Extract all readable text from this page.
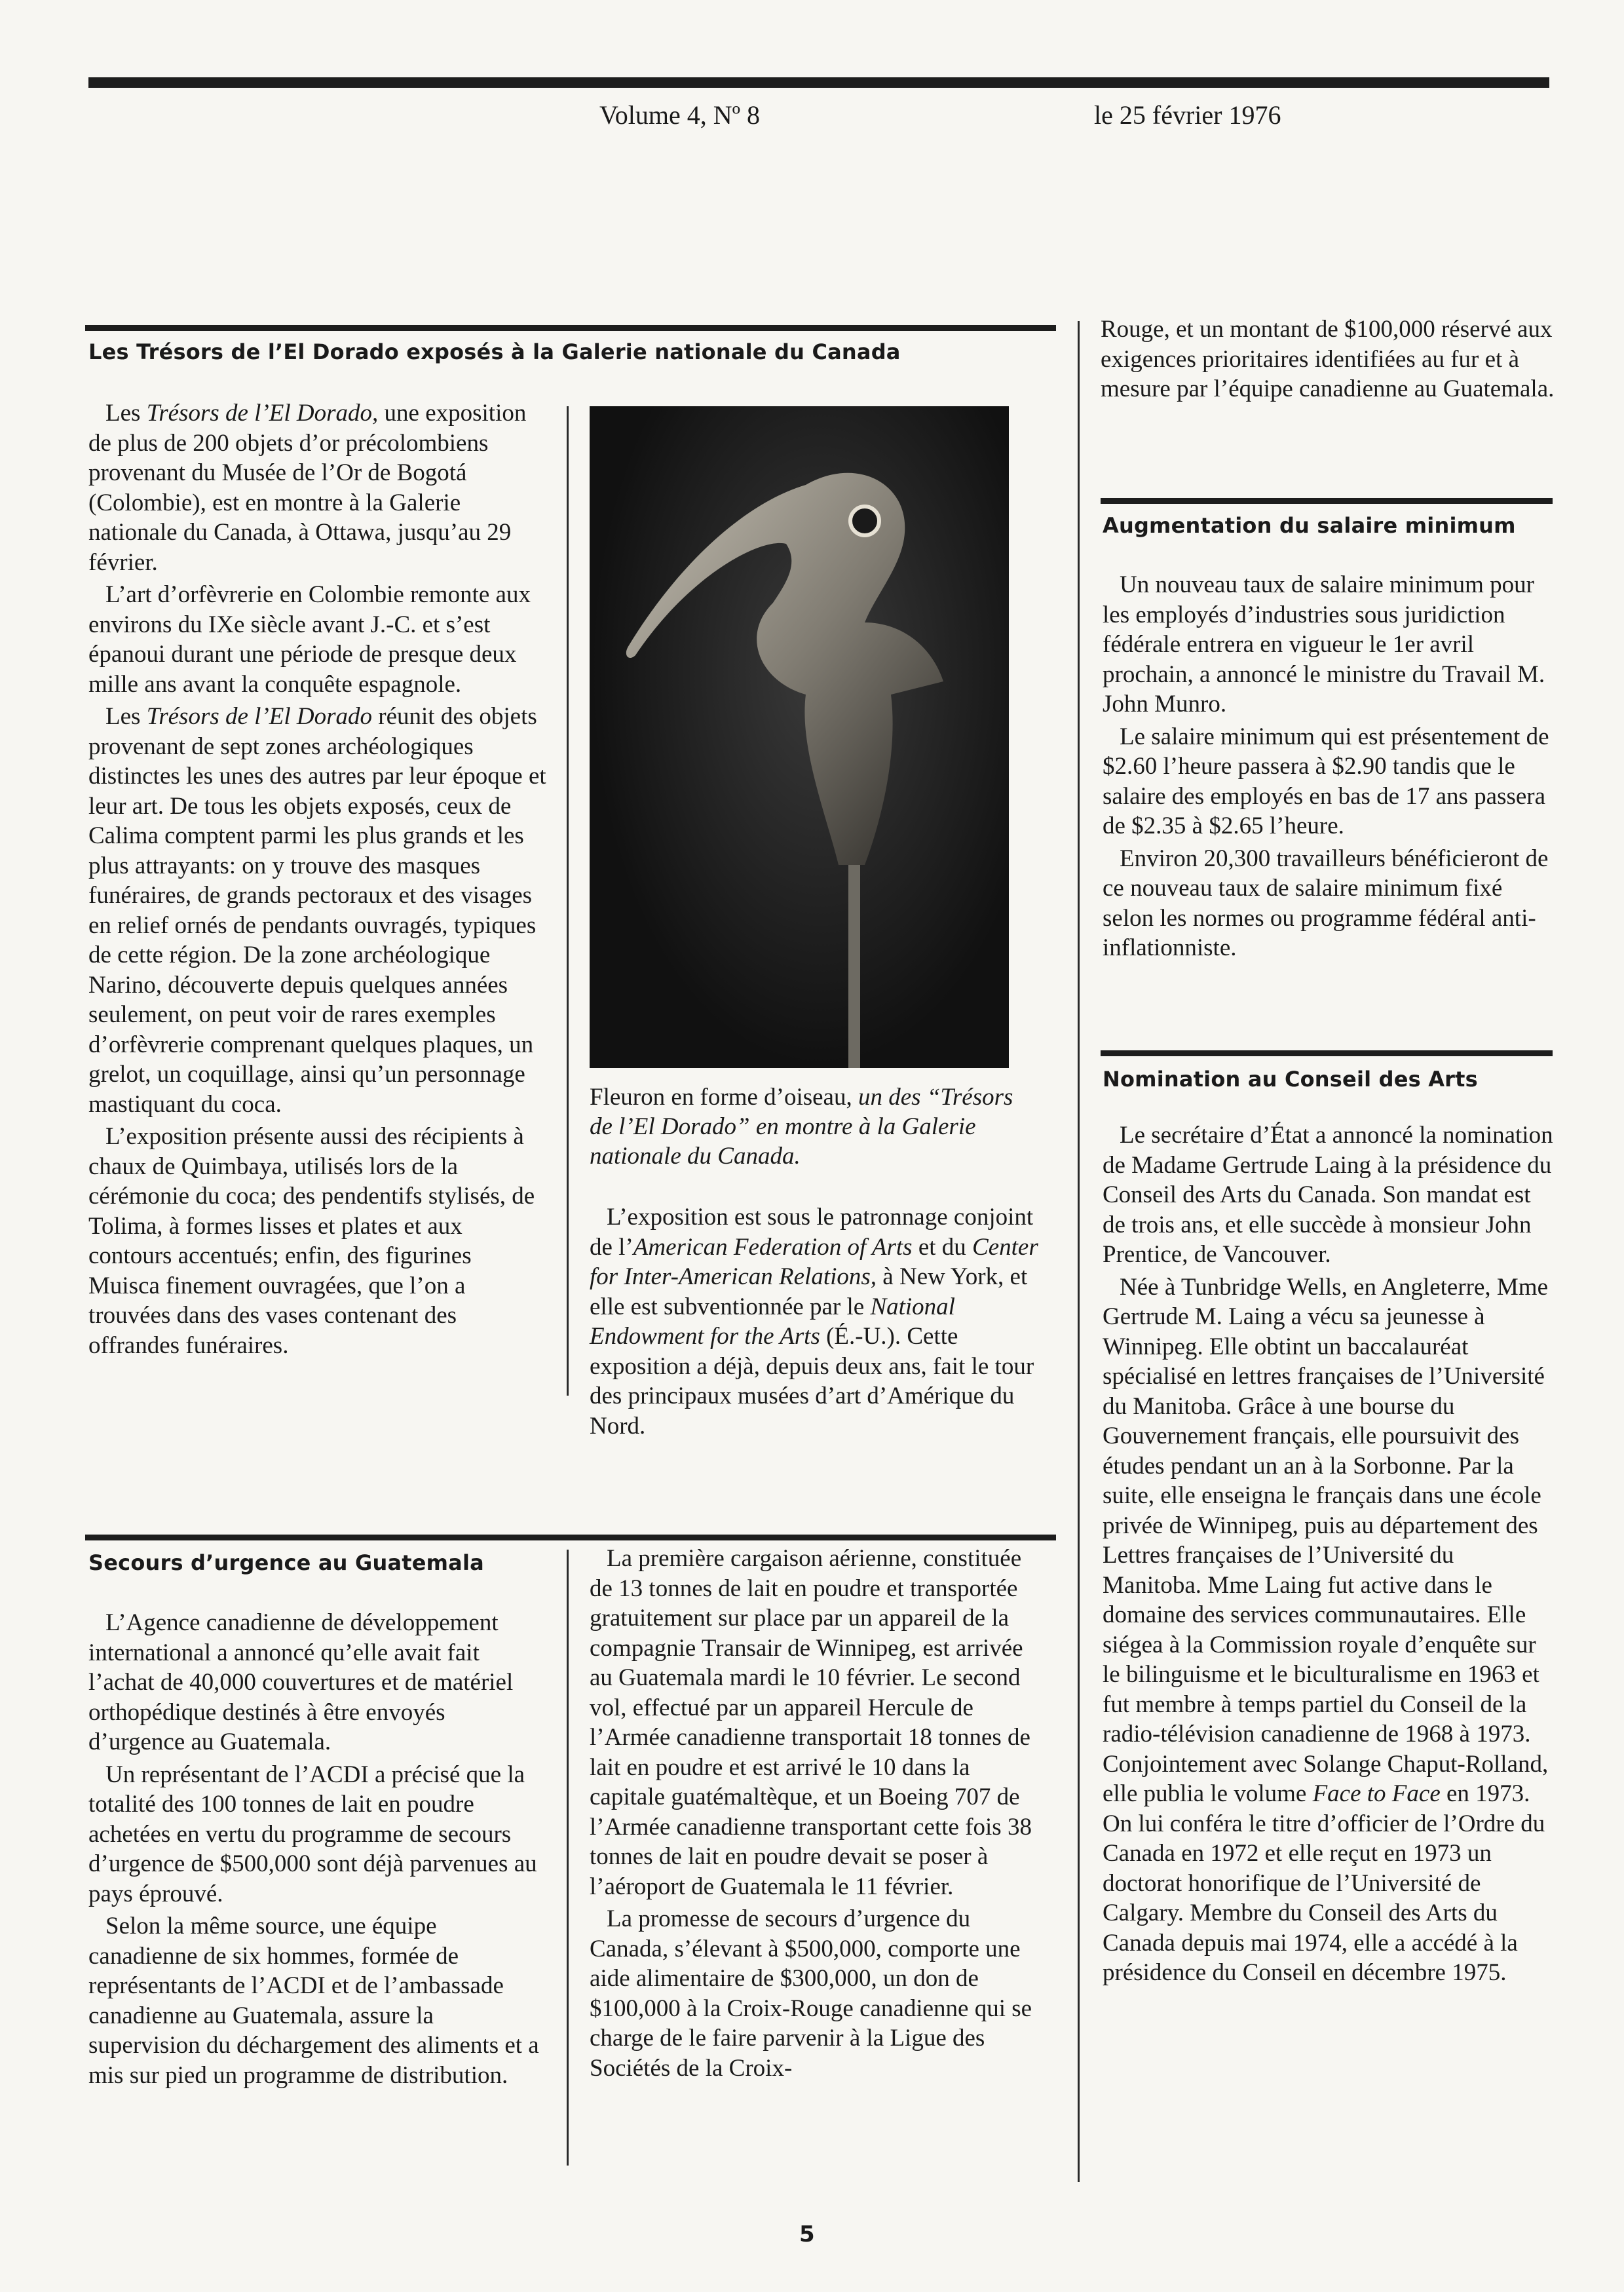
Volume 4, Nº 8	le 25 février 1976
Les Trésors de l’El Dorado exposés à la Galerie nationale du Canada

Les Trésors de l’El Dorado, une exposition de plus de 200 objets d’or précolombiens provenant du Musée de l’Or de Bogotá (Colombie), est en montre à la Galerie nationale du Canada, à Ottawa, jusqu’au 29 février.

L’art d’orfèvrerie en Colombie remonte aux environs du IXe siècle avant J.-C. et s’est épanoui durant une période de presque deux mille ans avant la conquête espagnole.

Les Trésors de l’El Dorado réunit des objets provenant de sept zones archéologiques distinctes les unes des autres par leur époque et leur art. De tous les objets exposés, ceux de Calima comptent parmi les plus grands et les plus attrayants: on y trouve des masques funéraires, de grands pectoraux et des visages en relief ornés de pendants ouvragés, typiques de cette région. De la zone archéologique Narino, découverte depuis quelques années seulement, on peut voir de rares exemples d’orfèvrerie comprenant quelques plaques, un grelot, un coquillage, ainsi qu’un personnage mastiquant du coca.

L’exposition présente aussi des récipients à chaux de Quimbaya, utilisés lors de la cérémonie du coca; des pendentifs stylisés, de Tolima, à formes lisses et plates et aux contours accentués; enfin, des figurines Muisca finement ouvragées, que l’on a trouvées dans des vases contenant des offrandes funéraires.

Fleuron en forme d’oiseau, un des “Trésors de l’El Dorado” en montre à la Galerie nationale du Canada.

L’exposition est sous le patronnage conjoint de l’American Federation of Arts et du Center for Inter-American Relations, à New York, et elle est subventionnée par le National Endowment for the Arts (É.-U.). Cette exposition a déjà, depuis deux ans, fait le tour des principaux musées d’art d’Amérique du Nord.

Secours d’urgence au Guatemala

L’Agence canadienne de développement international a annoncé qu’elle avait fait l’achat de 40,000 couvertures et de matériel orthopédique destinés à être envoyés d’urgence au Guatemala.

Un représentant de l’ACDI a précisé que la totalité des 100 tonnes de lait en poudre achetées en vertu du programme de secours d’urgence de $500,000 sont déjà parvenues au pays éprouvé.

Selon la même source, une équipe canadienne de six hommes, formée de représentants de l’ACDI et de l’ambassade canadienne au Guatemala, assure la supervision du déchargement des aliments et a mis sur pied un programme de distribution.

La première cargaison aérienne, constituée de 13 tonnes de lait en poudre et transportée gratuitement sur place par un appareil de la compagnie Transair de Winnipeg, est arrivée au Guatemala mardi le 10 février. Le second vol, effectué par un appareil Hercule de l’Armée canadienne transportait 18 tonnes de lait en poudre et est arrivé le 10 dans la capitale guatémaltèque, et un Boeing 707 de l’Armée canadienne transportant cette fois 38 tonnes de lait en poudre devait se poser à l’aéroport de Guatemala le 11 février.

La promesse de secours d’urgence du Canada, s’élevant à $500,000, comporte une aide alimentaire de $300,000, un don de $100,000 à la Croix-Rouge canadienne qui se charge de le faire parvenir à la Ligue des Sociétés de la Croix-

Rouge, et un montant de $100,000 réservé aux exigences prioritaires identifiées au fur et à mesure par l’équipe canadienne au Guatemala.

Augmentation du salaire minimum

Un nouveau taux de salaire minimum pour les employés d’industries sous juridiction fédérale entrera en vigueur le 1er avril prochain, a annoncé le ministre du Travail M. John Munro.

Le salaire minimum qui est présentement de $2.60 l’heure passera à $2.90 tandis que le salaire des employés en bas de 17 ans passera de $2.35 à $2.65 l’heure.

Environ 20,300 travailleurs bénéficieront de ce nouveau taux de salaire minimum fixé selon les normes ou programme fédéral anti-inflationniste.

Nomination au Conseil des Arts

Le secrétaire d’État a annoncé la nomination de Madame Gertrude Laing à la présidence du Conseil des Arts du Canada. Son mandat est de trois ans, et elle succède à monsieur John Prentice, de Vancouver.

Née à Tunbridge Wells, en Angleterre, Mme Gertrude M. Laing a vécu sa jeunesse à Winnipeg. Elle obtint un baccalauréat spécialisé en lettres françaises de l’Université du Manitoba. Grâce à une bourse du Gouvernement français, elle poursuivit des études pendant un an à la Sorbonne. Par la suite, elle enseigna le français dans une école privée de Winnipeg, puis au département des Lettres françaises de l’Université du Manitoba. Mme Laing fut active dans le domaine des services communautaires. Elle siégea à la Commission royale d’enquête sur le bilinguisme et le biculturalisme en 1963 et fut membre à temps partiel du Conseil de la radio-télévision canadienne de 1968 à 1973. Conjointement avec Solange Chaput-Rolland, elle publia le volume Face to Face en 1973. On lui conféra le titre d’officier de l’Ordre du Canada en 1972 et elle reçut en 1973 un doctorat honorifique de l’Université de Calgary. Membre du Conseil des Arts du Canada depuis mai 1974, elle a accédé à la présidence du Conseil en décembre 1975.

5
